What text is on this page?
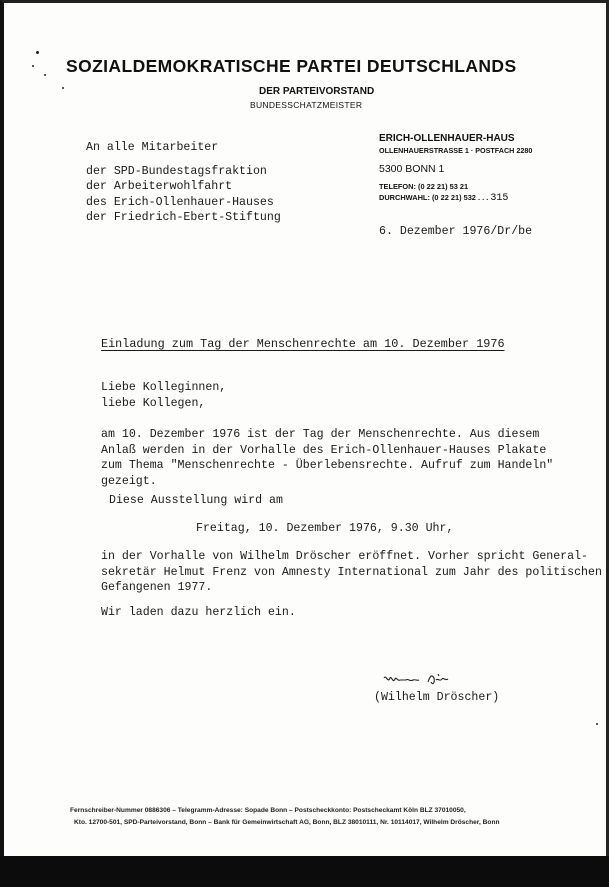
SOZIALDEMOKRATISCHE PARTEI DEUTSCHLANDS
DER PARTEIVORSTAND
BUNDESSCHATZMEISTER
An alle Mitarbeiter
der SPD-Bundestagsfraktion
der Arbeiterwohlfahrt
des Erich-Ollenhauer-Hauses
der Friedrich-Ebert-Stiftung
ERICH-OLLENHAUER-HAUS
OLLENHAUERSTRASSE 1 · POSTFACH 2280
5300 BONN 1
TELEFON: (0 22 21) 53 21
DURCHWAHL: (0 22 21) 532 . . . 315
6. Dezember 1976/Dr/be
Einladung zum Tag der Menschenrechte am 10. Dezember 1976
Liebe Kolleginnen,
liebe Kollegen,
am 10. Dezember 1976 ist der Tag der Menschenrechte. Aus diesem
Anlaß werden in der Vorhalle des Erich-Ollenhauer-Hauses Plakate
zum Thema "Menschenrechte - Überlebensrechte. Aufruf zum Handeln"
gezeigt.
Diese Ausstellung wird am
Freitag, 10. Dezember 1976, 9.30 Uhr,
in der Vorhalle von Wilhelm Dröscher eröffnet. Vorher spricht General-
sekretär Helmut Frenz von Amnesty International zum Jahr des politischen
Gefangenen 1977.
Wir laden dazu herzlich ein.
(Wilhelm Dröscher)
Fernschreiber-Nummer 0886306 – Telegramm-Adresse: Sopade Bonn – Postscheckkonto: Postscheckamt Köln BLZ 37010050,
Kto. 12700-501, SPD-Parteivorstand, Bonn – Bank für Gemeinwirtschaft AG, Bonn, BLZ 38010111, Nr. 10114017, Wilhelm Dröscher, Bonn
